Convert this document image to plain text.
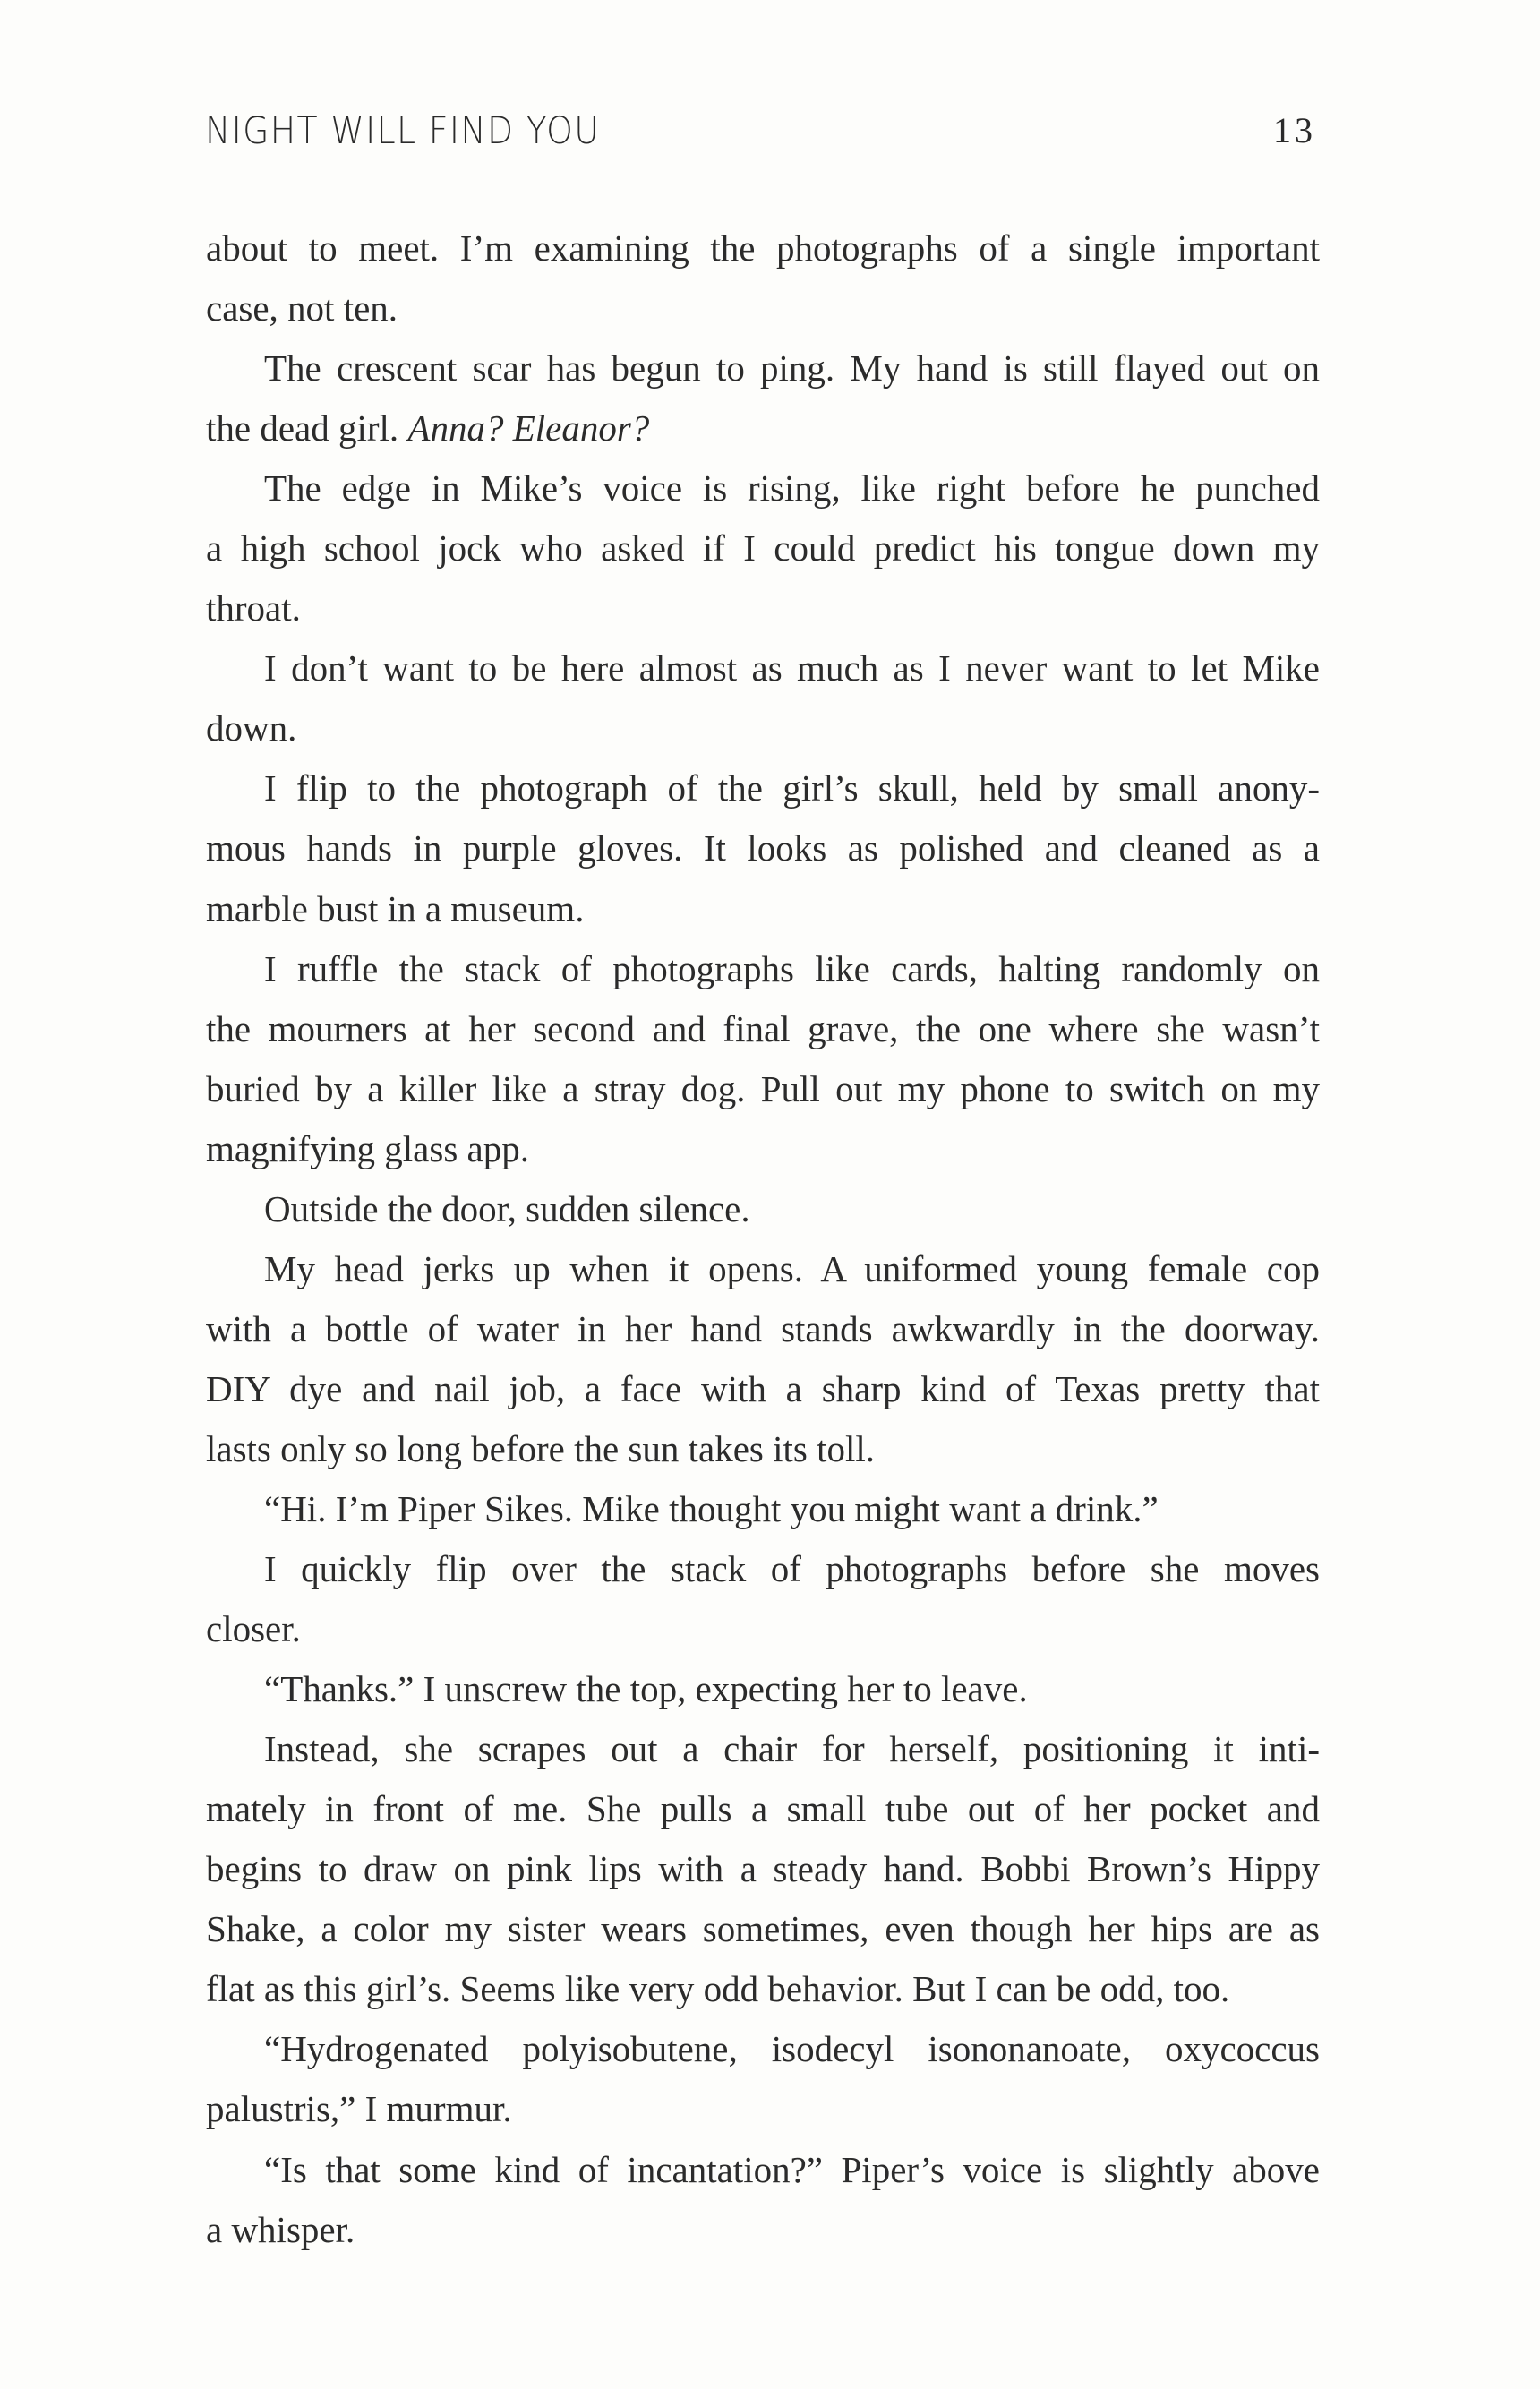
NIGHT WILL FIND YOU	13
about to meet. I’m examining the photographs of a single important
case, not ten.
The crescent scar has begun to ping. My hand is still flayed out on
the dead girl. Anna? Eleanor?
The edge in Mike’s voice is rising, like right before he punched
a high school jock who asked if I could predict his tongue down my
throat.
I don’t want to be here almost as much as I never want to let Mike
down.
I flip to the photograph of the girl’s skull, held by small anony-
mous hands in purple gloves. It looks as polished and cleaned as a
marble bust in a museum.
I ruffle the stack of photographs like cards, halting randomly on
the mourners at her second and final grave, the one where she wasn’t
buried by a killer like a stray dog. Pull out my phone to switch on my
magnifying glass app.
Outside the door, sudden silence.
My head jerks up when it opens. A uniformed young female cop
with a bottle of water in her hand stands awkwardly in the doorway.
DIY dye and nail job, a face with a sharp kind of Texas pretty that
lasts only so long before the sun takes its toll.
“Hi. I’m Piper Sikes. Mike thought you might want a drink.”
I quickly flip over the stack of photographs before she moves
closer.
“Thanks.” I unscrew the top, expecting her to leave.
Instead, she scrapes out a chair for herself, positioning it inti-
mately in front of me. She pulls a small tube out of her pocket and
begins to draw on pink lips with a steady hand. Bobbi Brown’s Hippy
Shake, a color my sister wears sometimes, even though her hips are as
flat as this girl’s. Seems like very odd behavior. But I can be odd, too.
“Hydrogenated polyisobutene, isodecyl isononanoate, oxycoccus
palustris,” I murmur.
“Is that some kind of incantation?” Piper’s voice is slightly above
a whisper.
